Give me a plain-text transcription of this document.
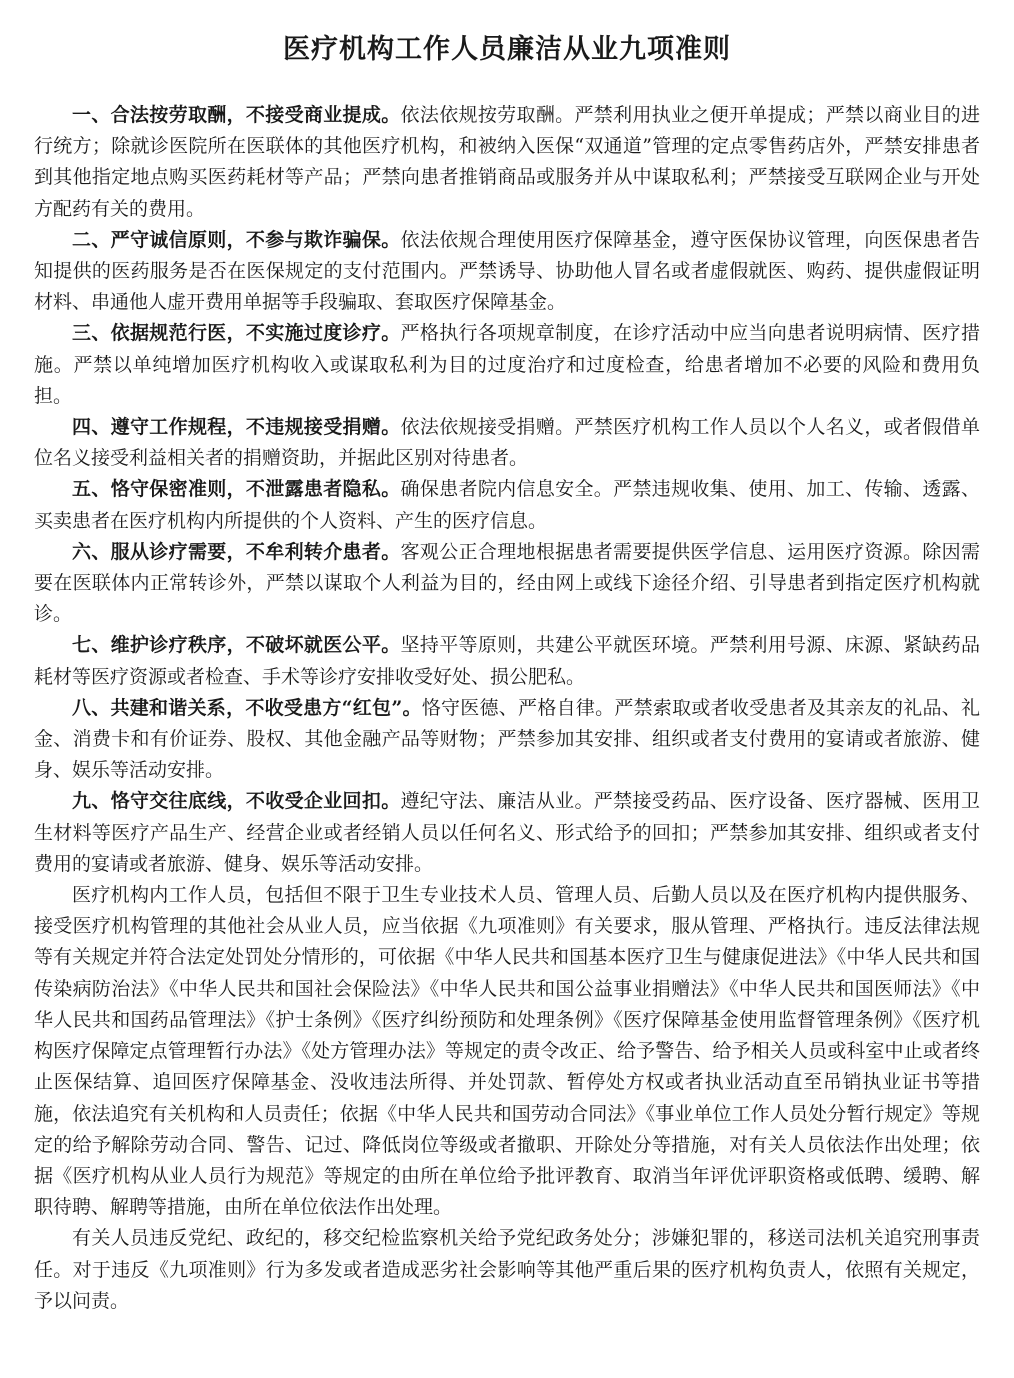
医疗机构工作人员廉洁从业九项准则

一、合法按劳取酬，不接受商业提成。依法依规按劳取酬。严禁利用执业之便开单提成；严禁以商业目的进行统方；除就诊医院所在医联体的其他医疗机构，和被纳入医保“双通道”管理的定点零售药店外，严禁安排患者到其他指定地点购买医药耗材等产品；严禁向患者推销商品或服务并从中谋取私利；严禁接受互联网企业与开处方配药有关的费用。

二、严守诚信原则，不参与欺诈骗保。依法依规合理使用医疗保障基金，遵守医保协议管理，向医保患者告知提供的医药服务是否在医保规定的支付范围内。严禁诱导、协助他人冒名或者虚假就医、购药、提供虚假证明材料、串通他人虚开费用单据等手段骗取、套取医疗保障基金。

三、依据规范行医，不实施过度诊疗。严格执行各项规章制度，在诊疗活动中应当向患者说明病情、医疗措施。严禁以单纯增加医疗机构收入或谋取私利为目的过度治疗和过度检查，给患者增加不必要的风险和费用负担。

四、遵守工作规程，不违规接受捐赠。依法依规接受捐赠。严禁医疗机构工作人员以个人名义，或者假借单位名义接受利益相关者的捐赠资助，并据此区别对待患者。

五、恪守保密准则，不泄露患者隐私。确保患者院内信息安全。严禁违规收集、使用、加工、传输、透露、买卖患者在医疗机构内所提供的个人资料、产生的医疗信息。

六、服从诊疗需要，不牟利转介患者。客观公正合理地根据患者需要提供医学信息、运用医疗资源。除因需要在医联体内正常转诊外，严禁以谋取个人利益为目的，经由网上或线下途径介绍、引导患者到指定医疗机构就诊。

七、维护诊疗秩序，不破坏就医公平。坚持平等原则，共建公平就医环境。严禁利用号源、床源、紧缺药品耗材等医疗资源或者检查、手术等诊疗安排收受好处、损公肥私。

八、共建和谐关系，不收受患方“红包”。恪守医德、严格自律。严禁索取或者收受患者及其亲友的礼品、礼金、消费卡和有价证券、股权、其他金融产品等财物；严禁参加其安排、组织或者支付费用的宴请或者旅游、健身、娱乐等活动安排。

九、恪守交往底线，不收受企业回扣。遵纪守法、廉洁从业。严禁接受药品、医疗设备、医疗器械、医用卫生材料等医疗产品生产、经营企业或者经销人员以任何名义、形式给予的回扣；严禁参加其安排、组织或者支付费用的宴请或者旅游、健身、娱乐等活动安排。

医疗机构内工作人员，包括但不限于卫生专业技术人员、管理人员、后勤人员以及在医疗机构内提供服务、接受医疗机构管理的其他社会从业人员，应当依据《九项准则》有关要求，服从管理、严格执行。违反法律法规等有关规定并符合法定处罚处分情形的，可依据《中华人民共和国基本医疗卫生与健康促进法》《中华人民共和国传染病防治法》《中华人民共和国社会保险法》《中华人民共和国公益事业捐赠法》《中华人民共和国医师法》《中华人民共和国药品管理法》《护士条例》《医疗纠纷预防和处理条例》《医疗保障基金使用监督管理条例》《医疗机构医疗保障定点管理暂行办法》《处方管理办法》等规定的责令改正、给予警告、给予相关人员或科室中止或者终止医保结算、追回医疗保障基金、没收违法所得、并处罚款、暂停处方权或者执业活动直至吊销执业证书等措施，依法追究有关机构和人员责任；依据《中华人民共和国劳动合同法》《事业单位工作人员处分暂行规定》等规定的给予解除劳动合同、警告、记过、降低岗位等级或者撤职、开除处分等措施，对有关人员依法作出处理；依据《医疗机构从业人员行为规范》等规定的由所在单位给予批评教育、取消当年评优评职资格或低聘、缓聘、解职待聘、解聘等措施，由所在单位依法作出处理。

有关人员违反党纪、政纪的，移交纪检监察机关给予党纪政务处分；涉嫌犯罪的，移送司法机关追究刑事责任。对于违反《九项准则》行为多发或者造成恶劣社会影响等其他严重后果的医疗机构负责人，依照有关规定，予以问责。
